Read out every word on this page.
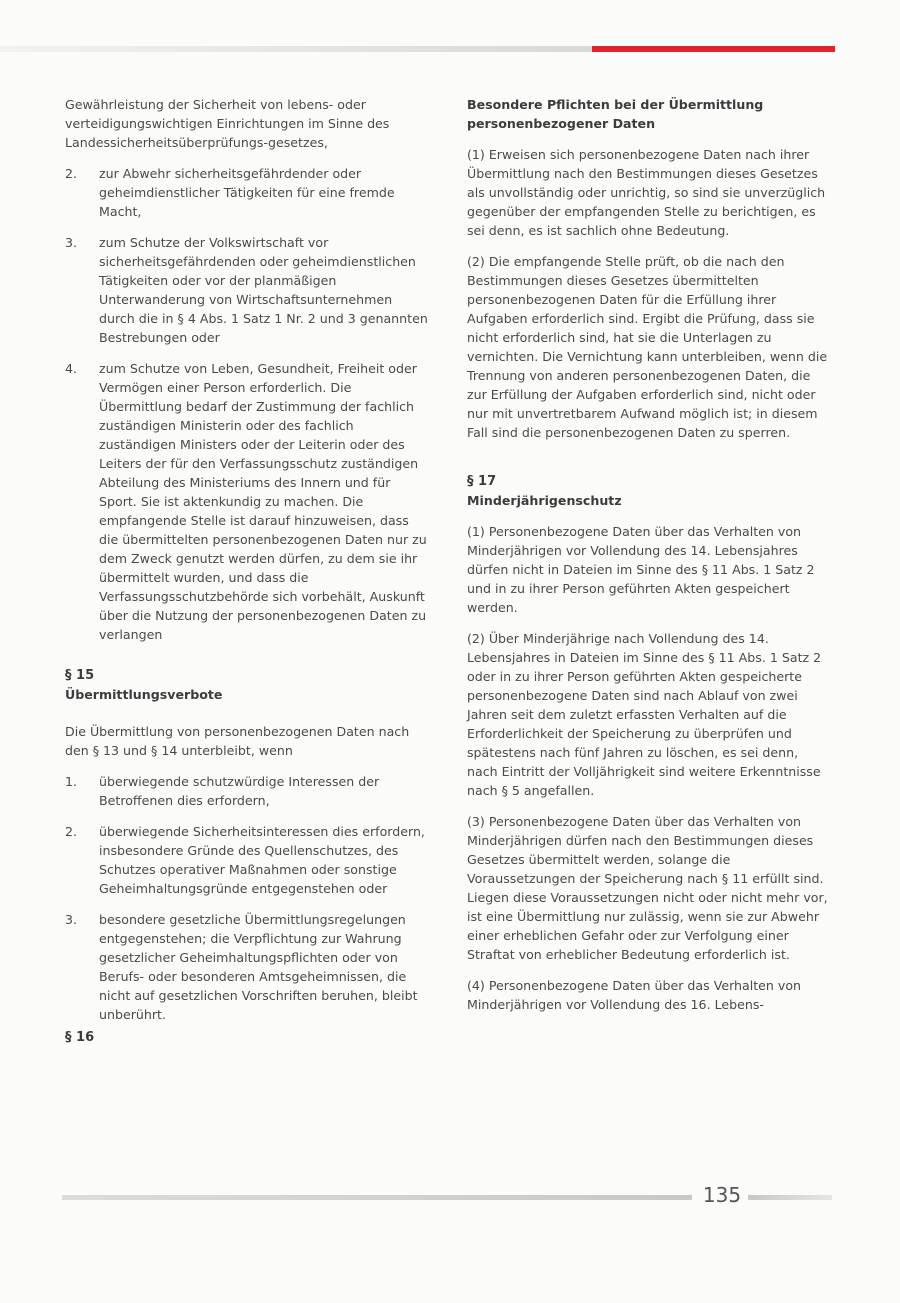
Gewährleistung der Sicherheit von lebens- oder verteidigungswichtigen Einrichtungen im Sinne des Landessicherheitsüberprüfungs-gesetzes,

2.	zur Abwehr sicherheitsgefährdender oder geheimdienstlicher Tätigkeiten für eine fremde Macht,
3.	zum Schutze der Volkswirtschaft vor sicherheitsgefährdenden oder geheimdienstlichen Tätigkeiten oder vor der planmäßigen Unterwanderung von Wirtschaftsunternehmen durch die in § 4 Abs. 1 Satz 1 Nr. 2 und 3 genannten Bestrebungen oder
4.	zum Schutze von Leben, Gesundheit, Freiheit oder Vermögen einer Person erforderlich. Die Übermittlung bedarf der Zustimmung der fachlich zuständigen Ministerin oder des fachlich zuständigen Ministers oder der Leiterin oder des Leiters der für den Verfassungsschutz zuständigen Abteilung des Ministeriums des Innern und für Sport. Sie ist aktenkundig zu machen. Die empfangende Stelle ist darauf hinzuweisen, dass die übermittelten personenbezogenen Daten nur zu dem Zweck genutzt werden dürfen, zu dem sie ihr übermittelt wurden, und dass die Verfassungsschutzbehörde sich vorbehält, Auskunft über die Nutzung der personenbezogenen Daten zu verlangen
§ 15
Übermittlungsverbote

Die Übermittlung von personenbezogenen Daten nach den § 13 und § 14 unterbleibt, wenn

1.	überwiegende schutzwürdige Interessen der Betroffenen dies erfordern,
2.	überwiegende Sicherheitsinteressen dies erfordern, insbesondere Gründe des Quellenschutzes, des Schutzes operativer Maßnahmen oder sonstige Geheimhaltungsgründe entgegenstehen oder
3.	besondere gesetzliche Übermittlungsregelungen entgegenstehen; die Verpflichtung zur Wahrung gesetzlicher Geheimhaltungspflichten oder von Berufs- oder besonderen Amtsgeheimnissen, die nicht auf gesetzlichen Vorschriften beruhen, bleibt unberührt.
§ 16
Besondere Pflichten bei der Übermittlung personenbezogener Daten

(1) Erweisen sich personenbezogene Daten nach ihrer Übermittlung nach den Bestimmungen dieses Gesetzes als unvollständig oder unrichtig, so sind sie unverzüglich gegenüber der empfangenden Stelle zu berichtigen, es sei denn, es ist sachlich ohne Bedeutung.

(2) Die empfangende Stelle prüft, ob die nach den Bestimmungen dieses Gesetzes übermittelten personenbezogenen Daten für die Erfüllung ihrer Aufgaben erforderlich sind. Ergibt die Prüfung, dass sie nicht erforderlich sind, hat sie die Unterlagen zu vernichten. Die Vernichtung kann unterbleiben, wenn die Trennung von anderen personenbezogenen Daten, die zur Erfüllung der Aufgaben erforderlich sind, nicht oder nur mit unvertretbarem Aufwand möglich ist; in diesem Fall sind die personenbezogenen Daten zu sperren.

§ 17
Minderjährigenschutz

(1) Personenbezogene Daten über das Verhalten von Minderjährigen vor Vollendung des 14. Lebensjahres dürfen nicht in Dateien im Sinne des § 11 Abs. 1 Satz 2 und in zu ihrer Person geführten Akten gespeichert werden.

(2) Über Minderjährige nach Vollendung des 14. Lebensjahres in Dateien im Sinne des § 11 Abs. 1 Satz 2 oder in zu ihrer Person geführten Akten gespeicherte personenbezogene Daten sind nach Ablauf von zwei Jahren seit dem zuletzt erfassten Verhalten auf die Erforderlichkeit der Speicherung zu überprüfen und spätestens nach fünf Jahren zu löschen, es sei denn, nach Eintritt der Volljährigkeit sind weitere Erkenntnisse nach § 5 angefallen.

(3) Personenbezogene Daten über das Verhalten von Minderjährigen dürfen nach den Bestimmungen dieses Gesetzes übermittelt werden, solange die Voraussetzungen der Speicherung nach § 11 erfüllt sind. Liegen diese Voraussetzungen nicht oder nicht mehr vor, ist eine Übermittlung nur zulässig, wenn sie zur Abwehr einer erheblichen Gefahr oder zur Verfolgung einer Straftat von erheblicher Bedeutung erforderlich ist.

(4) Personenbezogene Daten über das Verhalten von Minderjährigen vor Vollendung des 16. Lebens-

135
